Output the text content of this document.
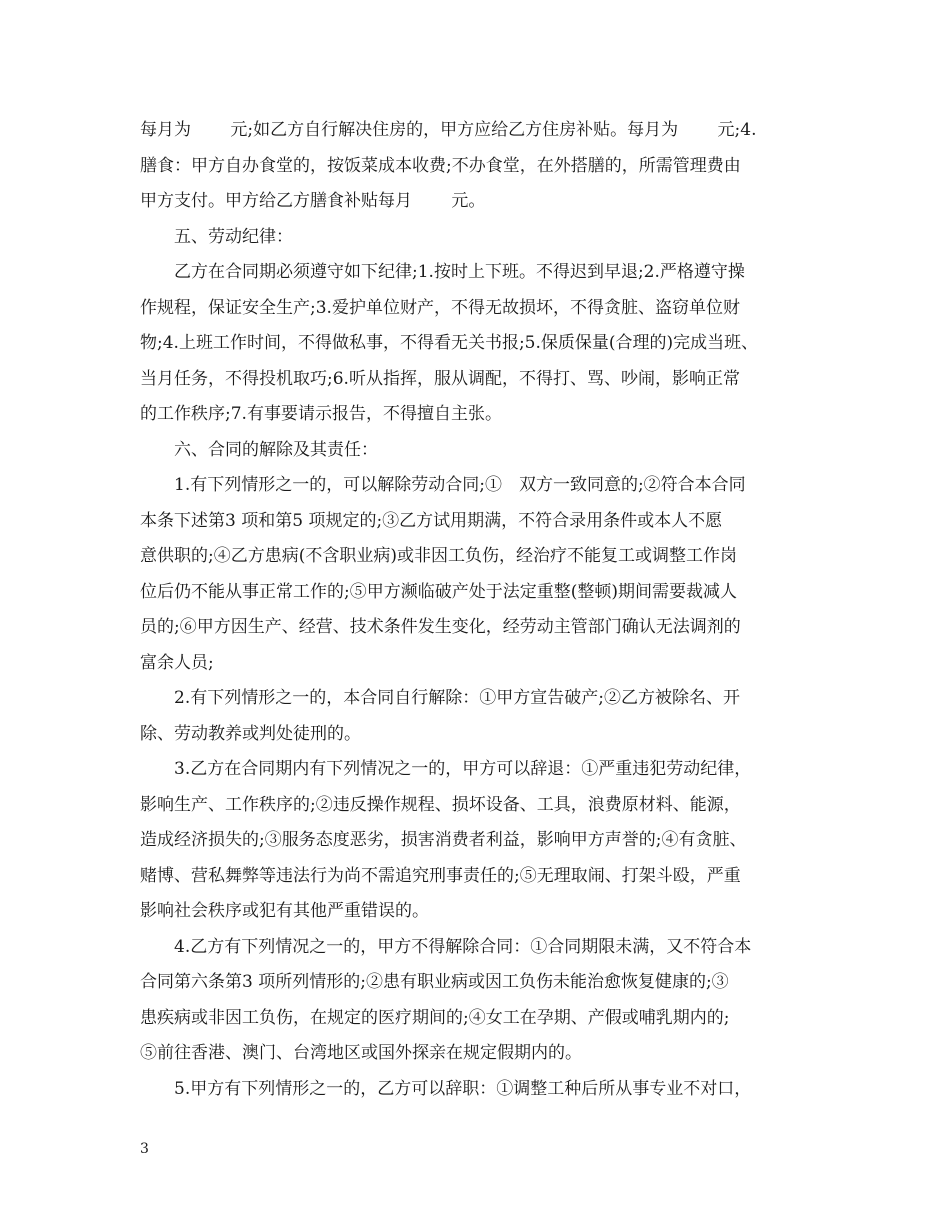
每月为　　 元;如乙方自行解决住房的，甲方应给乙方住房补贴。每月为　　 元;4.
膳食：甲方自办食堂的，按饭菜成本收费;不办食堂，在外搭膳的，所需管理费由
甲方支付。甲方给乙方膳食补贴每月　　 元。
　　五、劳动纪律：
　　乙方在合同期必须遵守如下纪律;1.按时上下班。不得迟到早退;2.严格遵守操
作规程，保证安全生产;3.爱护单位财产，不得无故损坏，不得贪脏、盗窃单位财
物;4.上班工作时间，不得做私事，不得看无关书报;5.保质保量(合理的)完成当班、
当月任务，不得投机取巧;6.听从指挥，服从调配，不得打、骂、吵闹，影响正常
的工作秩序;7.有事要请示报告，不得擅自主张。
　　六、合同的解除及其责任：
　　1.有下列情形之一的，可以解除劳动合同;①　双方一致同意的;②符合本合同
本条下述第3 项和第5 项规定的;③乙方试用期满，不符合录用条件或本人不愿
意供职的;④乙方患病(不含职业病)或非因工负伤，经治疗不能复工或调整工作岗
位后仍不能从事正常工作的;⑤甲方濒临破产处于法定重整(整顿)期间需要裁减人
员的;⑥甲方因生产、经营、技术条件发生变化，经劳动主管部门确认无法调剂的
富余人员;
　　2.有下列情形之一的，本合同自行解除：①甲方宣告破产;②乙方被除名、开
除、劳动教养或判处徒刑的。
　　3.乙方在合同期内有下列情况之一的，甲方可以辞退：①严重违犯劳动纪律，
影响生产、工作秩序的;②违反操作规程、损坏设备、工具，浪费原材料、能源，
造成经济损失的;③服务态度恶劣，损害消费者利益，影响甲方声誉的;④有贪脏、
赌博、营私舞弊等违法行为尚不需追究刑事责任的;⑤无理取闹、打架斗殴，严重
影响社会秩序或犯有其他严重错误的。
　　4.乙方有下列情况之一的，甲方不得解除合同：①合同期限未满，又不符合本
合同第六条第3 项所列情形的;②患有职业病或因工负伤未能治愈恢复健康的;③
患疾病或非因工负伤，在规定的医疗期间的;④女工在孕期、产假或哺乳期内的;
⑤前往香港、澳门、台湾地区或国外探亲在规定假期内的。
　　5.甲方有下列情形之一的，乙方可以辞职：①调整工种后所从事专业不对口，
3
